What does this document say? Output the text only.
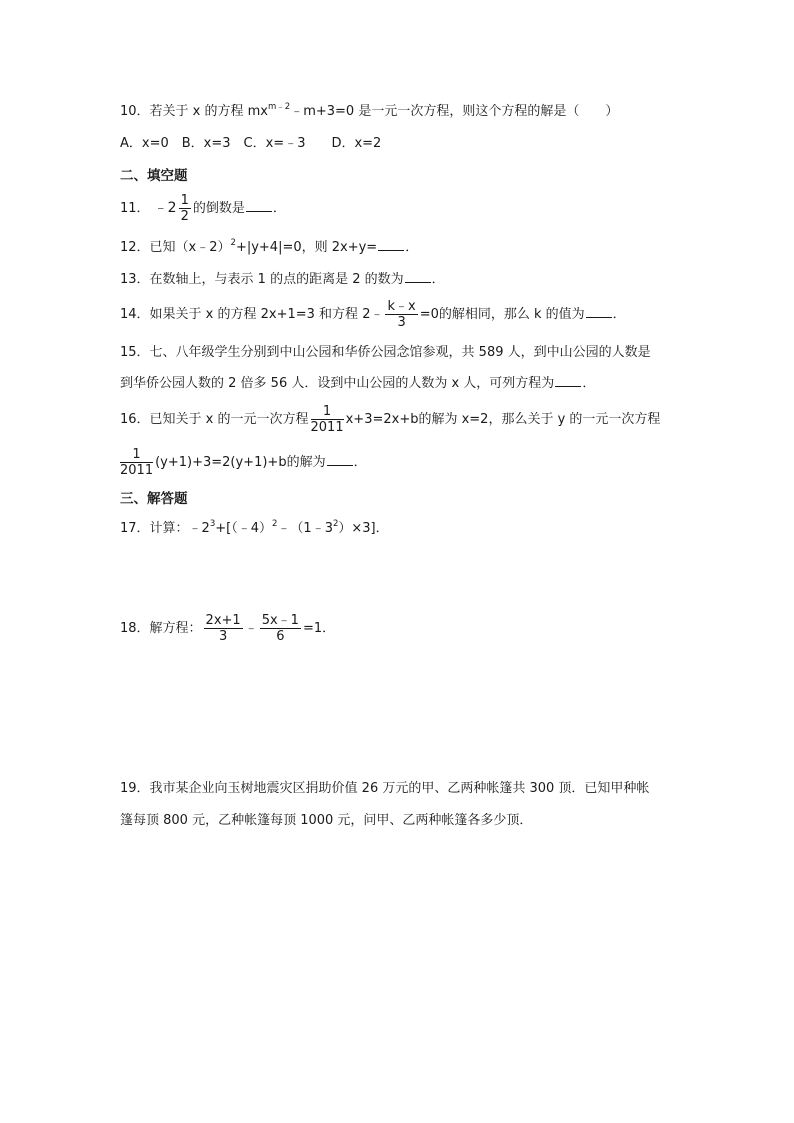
10．若关于 x 的方程 $mx^{m﹣2}﹣m+3=0$ 是一元一次方程，则这个方程的解是（　　）
A．x=0　B．x=3　C．x=﹣3　　D．x=2
二、填空题
11． ﹣2 $\frac{1}{2}$ 的倒数是 ．
12．已知（x﹣2）$^2$+|y+4|=0，则 2x+y= ．
13．在数轴上，与表示 1 的点的距离是 2 的数为 ．
14．如果关于 x 的方程 2x+1=3 和方程 2﹣ $\frac{k﹣x}{3} =0$的解相同，那么 k 的值为 ．
15．七、八年级学生分别到中山公园和华侨公园念馆参观，共 589 人，到中山公园的人数是
到华侨公园人数的 2 倍多 56 人．设到中山公园的人数为 x 人，可列方程为 ．
16．已知关于 x 的一元一次方程 $\frac{1}{2011} x+3=2x+b$的解为 x=2，那么关于 y 的一元一次方程
$\frac{1}{2011} (y+1)+3=2(y+1)+b$的解为 ．
三、解答题
17．计算：$﹣2^3+[(﹣4)^2﹣(1﹣3^2)\times 3]$．
18．解方程： $\frac{2x+1}{3}$ ﹣ $\frac{5x﹣1}{6} =1$．
19．我市某企业向玉树地震灾区捐助价值 26 万元的甲、乙两种帐篷共 300 顶．已知甲种帐
篷每顶 800 元，乙种帐篷每顶 1000 元，问甲、乙两种帐篷各多少顶．
